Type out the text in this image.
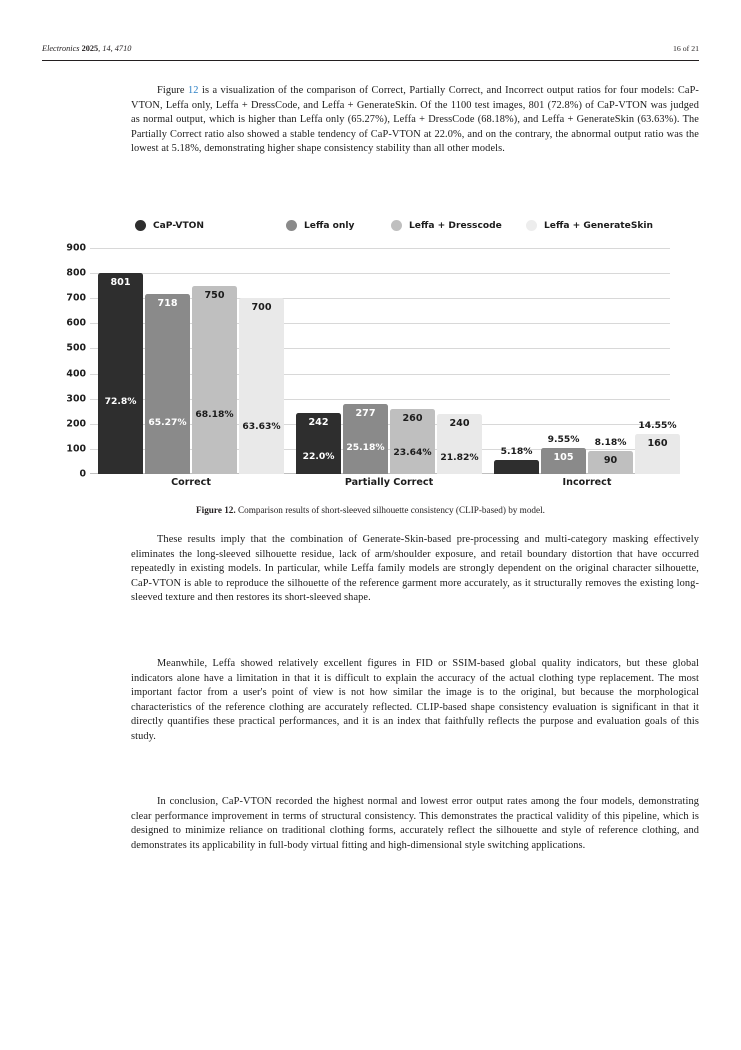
Electronics 2025, 14, 4710	16 of 21
Figure 12 is a visualization of the comparison of Correct, Partially Correct, and Incorrect output ratios for four models: CaP-VTON, Leffa only, Leffa + DressCode, and Leffa + GenerateSkin. Of the 1100 test images, 801 (72.8%) of CaP-VTON was judged as normal output, which is higher than Leffa only (65.27%), Leffa + DressCode (68.18%), and Leffa + GenerateSkin (63.63%). The Partially Correct ratio also showed a stable tendency of CaP-VTON at 22.0%, and on the contrary, the abnormal output ratio was the lowest at 5.18%, demonstrating higher shape consistency stability than all other models.
CaP-VTON	Leffa only	Leffa + Dresscode	Leffa + GenerateSkin
0
100
200
300
400
500
600
700
800
900
801
72.8%
718
65.27%
750
68.18%
700
63.63%
Correct
242
22.0%
277
25.18%
260
23.64%
240
21.82%
Partially Correct
5.18%
105
9.55%
90
8.18%	160
14.55%
Incorrect
Figure 12. Comparison results of short-sleeved silhouette consistency (CLIP-based) by model.
These results imply that the combination of Generate-Skin-based pre-processing and multi-category masking effectively eliminates the long-sleeved silhouette residue, lack of arm/shoulder exposure, and retail boundary distortion that have occurred repeatedly in existing models. In particular, while Leffa family models are strongly dependent on the original character silhouette, CaP-VTON is able to reproduce the silhouette of the reference garment more accurately, as it structurally removes the existing long-sleeved texture and then restores its short-sleeved shape.
Meanwhile, Leffa showed relatively excellent figures in FID or SSIM-based global quality indicators, but these global indicators alone have a limitation in that it is difficult to explain the accuracy of the actual clothing type replacement. The most important factor from a user's point of view is not how similar the image is to the original, but because the morphological characteristics of the reference clothing are accurately reflected. CLIP-based shape consistency evaluation is significant in that it directly quantifies these practical performances, and it is an index that faithfully reflects the purpose and evaluation goals of this study.
In conclusion, CaP-VTON recorded the highest normal and lowest error output rates among the four models, demonstrating clear performance improvement in terms of structural consistency. This demonstrates the practical validity of this pipeline, which is designed to minimize reliance on traditional clothing forms, accurately reflect the silhouette and style of reference clothing, and demonstrates its applicability in full-body virtual fitting and high-dimensional style switching applications.
